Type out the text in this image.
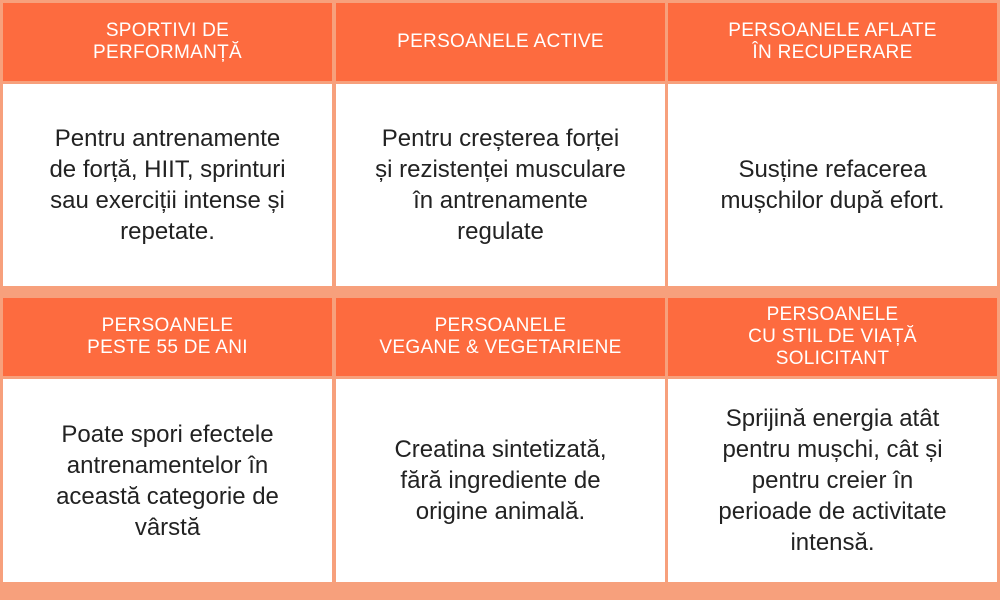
SPORTIVI DE
PERFORMANȚĂ
PERSOANELE ACTIVE
PERSOANELE AFLATE
ÎN RECUPERARE
Pentru antrenamente
de forță, HIIT, sprinturi
sau exerciții intense și
repetate.
Pentru creșterea forței
și rezistenței musculare
în antrenamente
regulate
Susține refacerea
mușchilor după efort.
PERSOANELE
PESTE 55 DE ANI
PERSOANELE
VEGANE & VEGETARIENE
PERSOANELE
CU STIL DE VIAȚĂ
SOLICITANT
Poate spori efectele
antrenamentelor în
această categorie de
vârstă
Creatina sintetizată,
fără ingrediente de
origine animală.
Sprijină energia atât
pentru mușchi, cât și
pentru creier în
perioade de activitate
intensă.
